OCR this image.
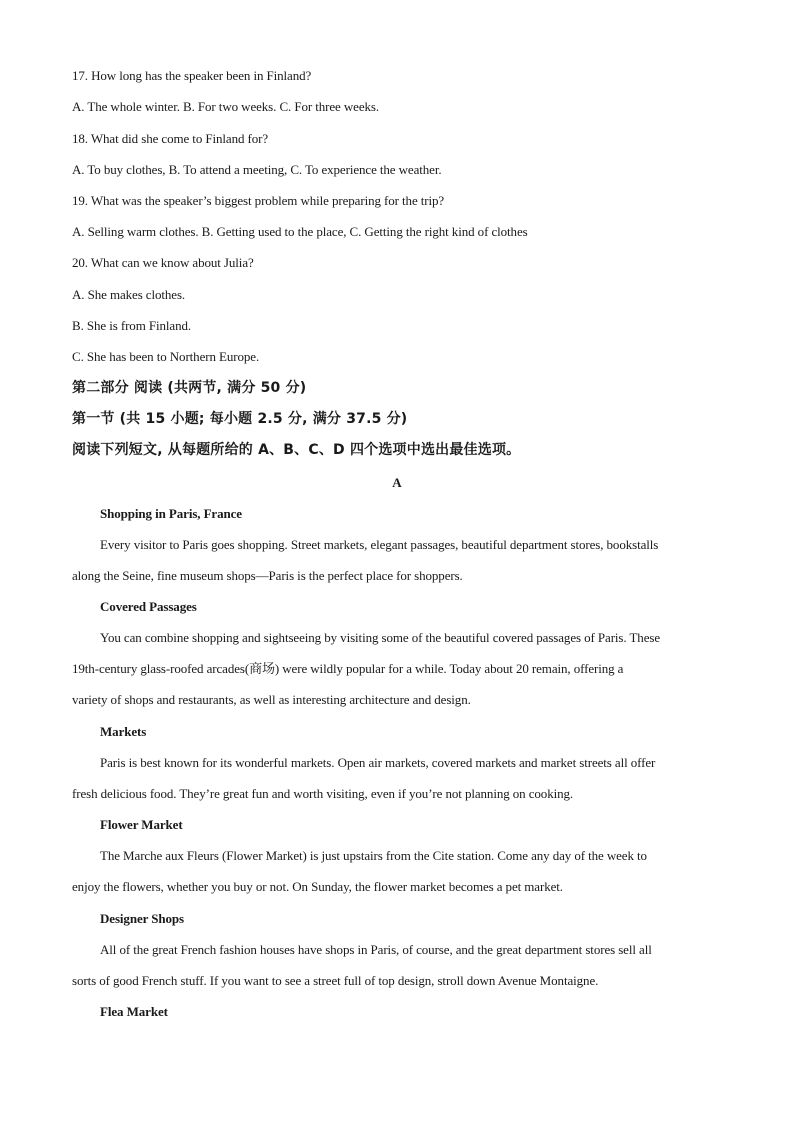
17. How long has the speaker been in Finland?
A. The whole winter. B. For two weeks. C. For three weeks.
18. What did she come to Finland for?
A. To buy clothes, B. To attend a meeting, C. To experience the weather.
19. What was the speaker’s biggest problem while preparing for the trip?
A. Selling warm clothes. B. Getting used to the place, C. Getting the right kind of clothes
20. What can we know about Julia?
A. She makes clothes.
B. She is from Finland.
C. She has been to Northern Europe.
第二部分 阅读 (共两节, 满分 50 分)
第一节 (共 15 小题; 每小题 2.5 分, 满分 37.5 分)
阅读下列短文, 从每题所给的 A、B、C、D 四个选项中选出最佳选项。
A
Shopping in Paris, France
Every visitor to Paris goes shopping. Street markets, elegant passages, beautiful department stores, bookstalls
along the Seine, fine museum shops—Paris is the perfect place for shoppers.
Covered Passages
You can combine shopping and sightseeing by visiting some of the beautiful covered passages of Paris. These
19th-century glass-roofed arcades(商场) were wildly popular for a while. Today about 20 remain, offering a
variety of shops and restaurants, as well as interesting architecture and design.
Markets
Paris is best known for its wonderful markets. Open air markets, covered markets and market streets all offer
fresh delicious food. They’re great fun and worth visiting, even if you’re not planning on cooking.
Flower Market
The Marche aux Fleurs (Flower Market) is just upstairs from the Cite station. Come any day of the week to
enjoy the flowers, whether you buy or not. On Sunday, the flower market becomes a pet market.
Designer Shops
All of the great French fashion houses have shops in Paris, of course, and the great department stores sell all
sorts of good French stuff. If you want to see a street full of top design, stroll down Avenue Montaigne.
Flea Market
